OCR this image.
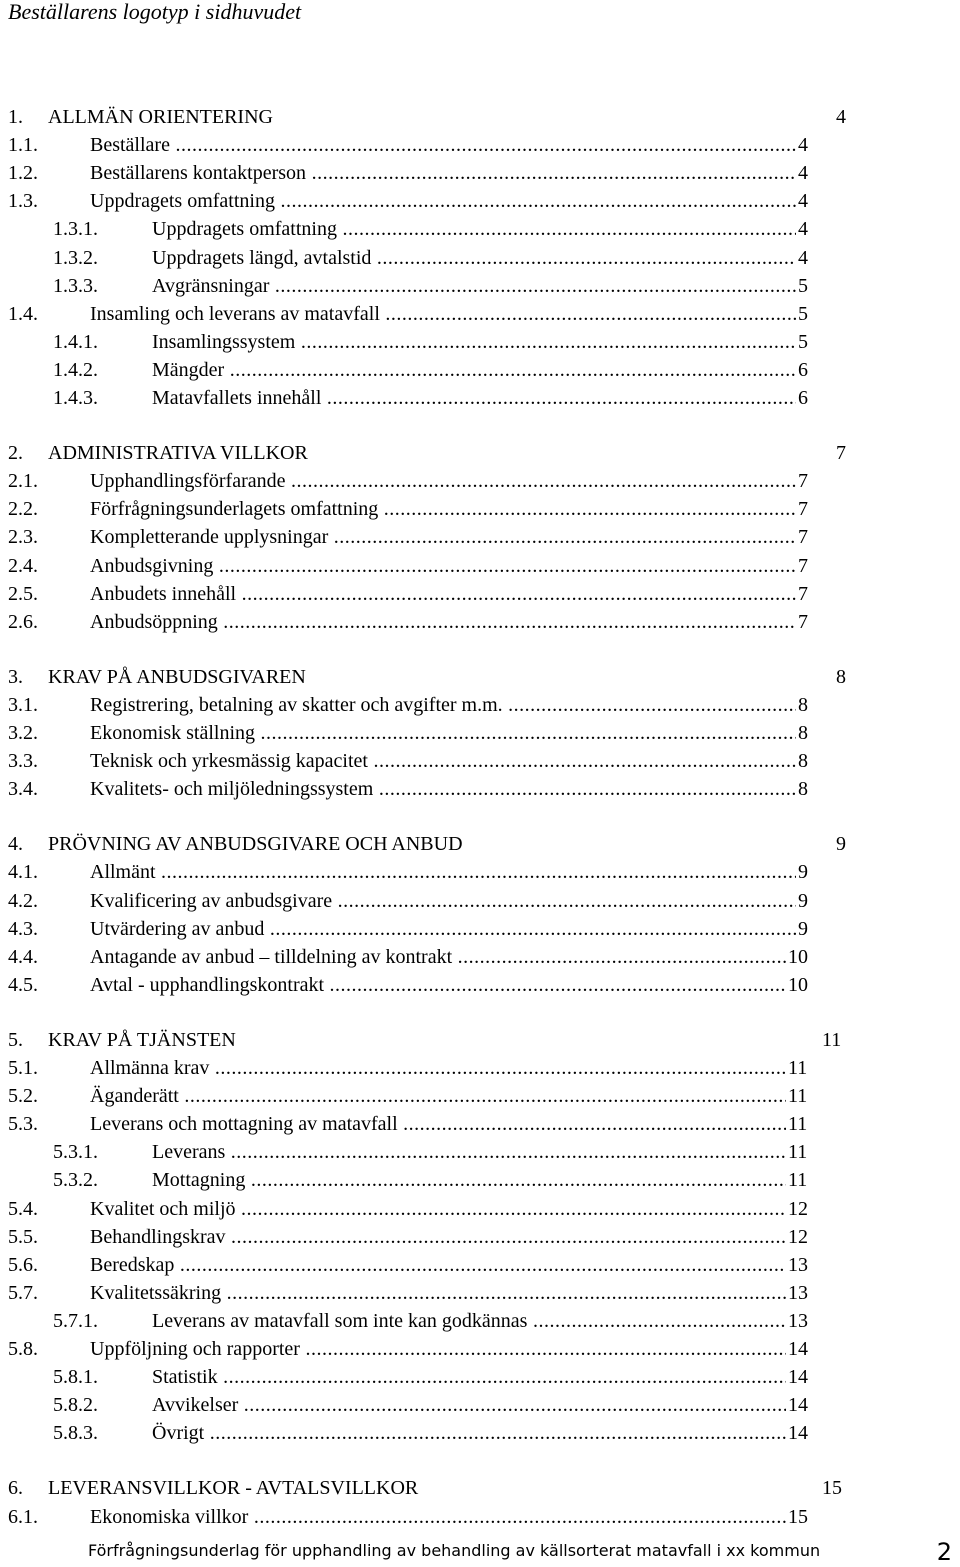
Beställarens logotyp i sidhuvudet
1. ALLMÄN ORIENTERING	4
1.1.	Beställare .....	4
1.2.	Beställarens kontaktperson .....	4
1.3.	Uppdragets omfattning .....	4
1.3.1.	Uppdragets omfattning .....	4
1.3.2.	Uppdragets längd, avtalstid .....	4
1.3.3.	Avgränsningar .....	5
1.4.	Insamling och leverans av matavfall .....	5
1.4.1.	Insamlingssystem .....	5
1.4.2.	Mängder .....	6
1.4.3.	Matavfallets innehåll .....	6
2. ADMINISTRATIVA VILLKOR	7
2.1.	Upphandlingsförfarande .....	7
2.2.	Förfrågningsunderlagets omfattning .....	7
2.3.	Kompletterande upplysningar .....	7
2.4.	Anbudsgivning .....	7
2.5.	Anbudets innehåll .....	7
2.6.	Anbudsöppning .....	7
3. KRAV PÅ ANBUDSGIVAREN	8
3.1.	Registrering, betalning av skatter och avgifter m.m. .....	8
3.2.	Ekonomisk ställning .....	8
3.3.	Teknisk och yrkesmässig kapacitet .....	8
3.4.	Kvalitets- och miljöledningssystem .....	8
4. PRÖVNING AV ANBUDSGIVARE OCH ANBUD	9
4.1.	Allmänt .....	9
4.2.	Kvalificering av anbudsgivare .....	9
4.3.	Utvärdering av anbud .....	9
4.4.	Antagande av anbud – tilldelning av kontrakt .....	10
4.5.	Avtal - upphandlingskontrakt .....	10
5. KRAV PÅ TJÄNSTEN	11
5.1.	Allmänna krav .....	11
5.2.	Äganderätt .....	11
5.3.	Leverans och mottagning av matavfall .....	11
5.3.1.	Leverans .....	11
5.3.2.	Mottagning .....	11
5.4.	Kvalitet och miljö .....	12
5.5.	Behandlingskrav .....	12
5.6.	Beredskap .....	13
5.7.	Kvalitetssäkring .....	13
5.7.1.	Leverans av matavfall som inte kan godkännas .....	13
5.8.	Uppföljning och rapporter .....	14
5.8.1.	Statistik .....	14
5.8.2.	Avvikelser .....	14
5.8.3.	Övrigt .....	14
6. LEVERANSVILLKOR - AVTALSVILLKOR	15
6.1.	Ekonomiska villkor .....	15
Förfrågningsunderlag för upphandling av behandling av källsorterat matavfall i xx kommun	2
